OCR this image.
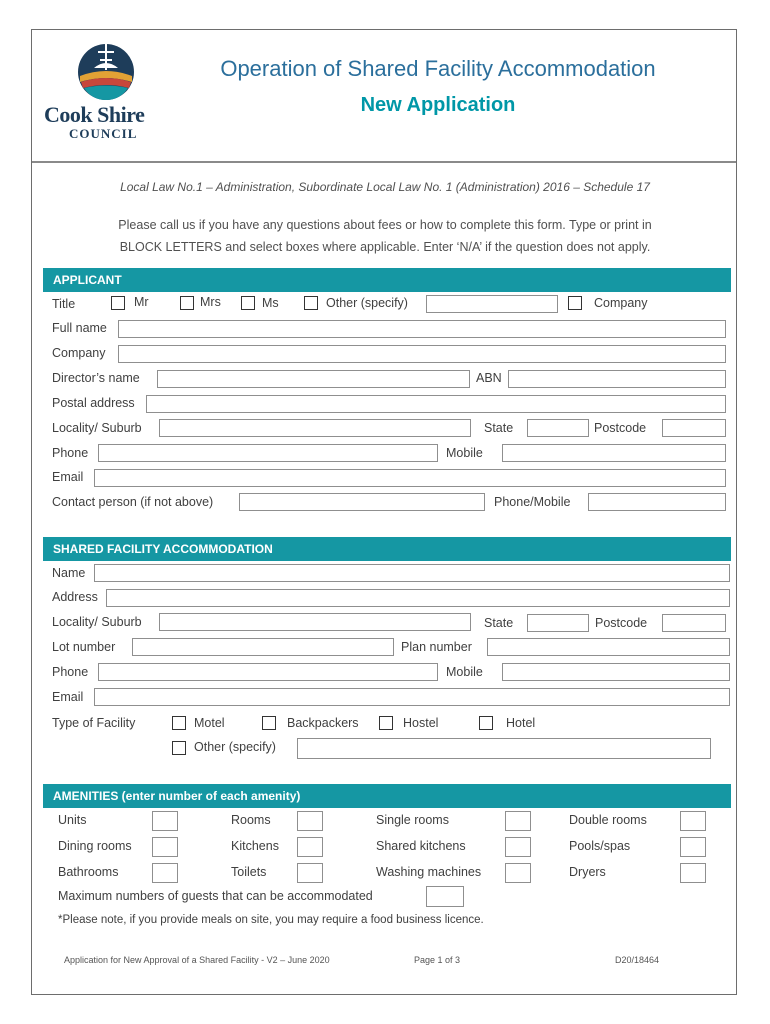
Cook Shire
COUNCIL
Operation of Shared Facility Accommodation
New Application
Local Law No.1 – Administration, Subordinate Local Law No. 1 (Administration) 2016 – Schedule 17
Please call us if you have any questions about fees or how to complete this form. Type or print in
BLOCK LETTERS and select boxes where applicable. Enter ‘N/A’ if the question does not apply.
APPLICANT
Title	Mr	Mrs	Ms	Other (specify)	Company
Full name
Company
Director’s name	ABN
Postal address
Locality/ Suburb	State	Postcode
Phone	Mobile
Email
Contact person (if not above)	Phone/Mobile
SHARED FACILITY ACCOMMODATION
Name
Address
Locality/ Suburb	State	Postcode
Lot number	Plan number
Phone	Mobile
Email
Type of Facility	Motel	Backpackers	Hostel	Hotel
Other (specify)
AMENITIES (enter number of each amenity)
Units	Rooms	Single rooms	Double rooms
Dining rooms	Kitchens	Shared kitchens	Pools/spas
Bathrooms	Toilets	Washing machines	Dryers
Maximum numbers of guests that can be accommodated
*Please note, if you provide meals on site, you may require a food business licence.
Application for New Approval of a Shared Facility - V2 – June 2020	Page 1 of 3	D20/18464
